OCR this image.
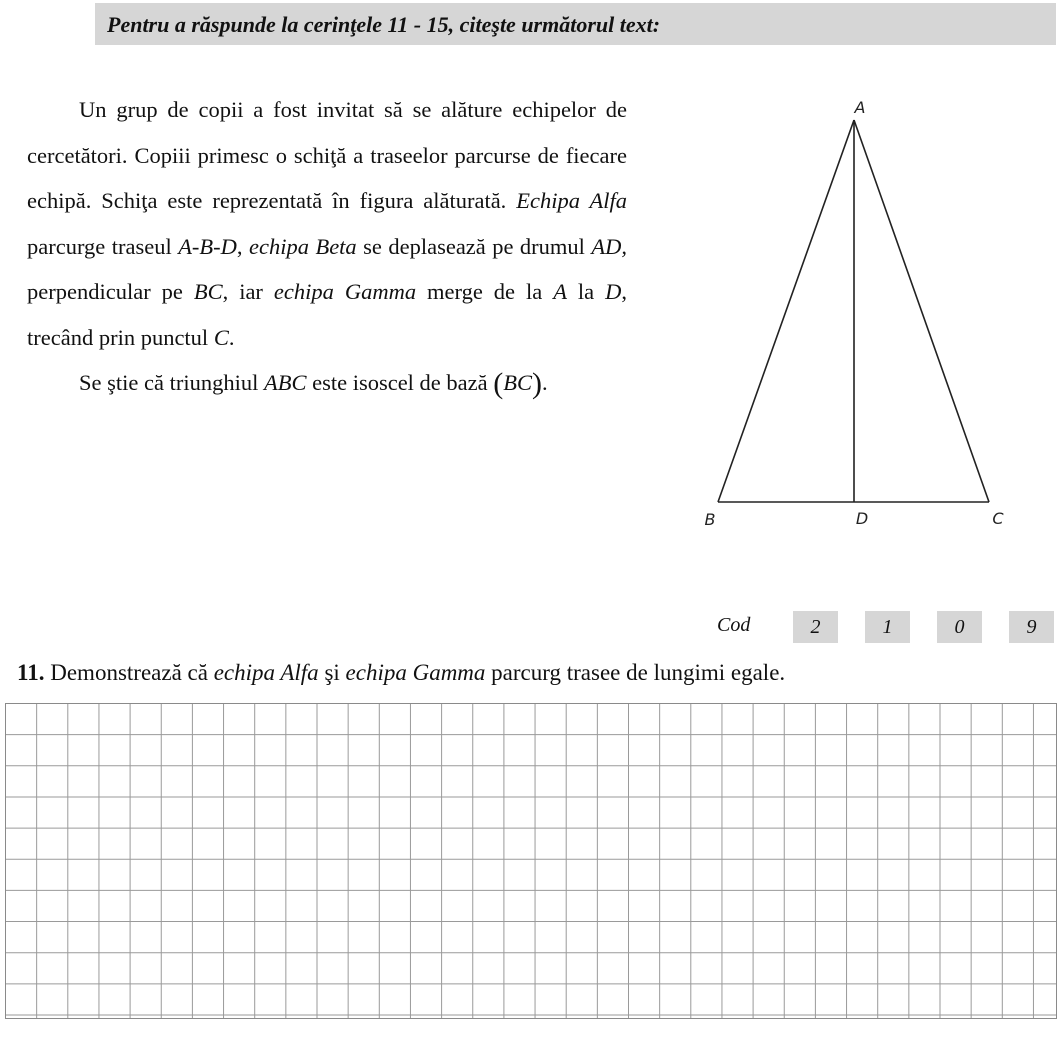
Pentru a răspunde la cerinţele 11 - 15, citeşte următorul text:

Un grup de copii a fost invitat să se alăture echipelor de cercetători. Copiii primesc o schiţă a traseelor parcurse de fiecare echipă. Schiţa este reprezentată în figura alăturată. Echipa Alfa parcurge traseul A-B-D, echipa Beta se deplasează pe drumul AD, perpendicular pe BC, iar echipa Gamma merge de la A la D, trecând prin punctul C.

Se ştie că triunghiul ABC este isoscel de bază (BC).

A
B	D	C
Cod	2	1	0	9
11. Demonstrează că echipa Alfa şi echipa Gamma parcurg trasee de lungimi egale.
